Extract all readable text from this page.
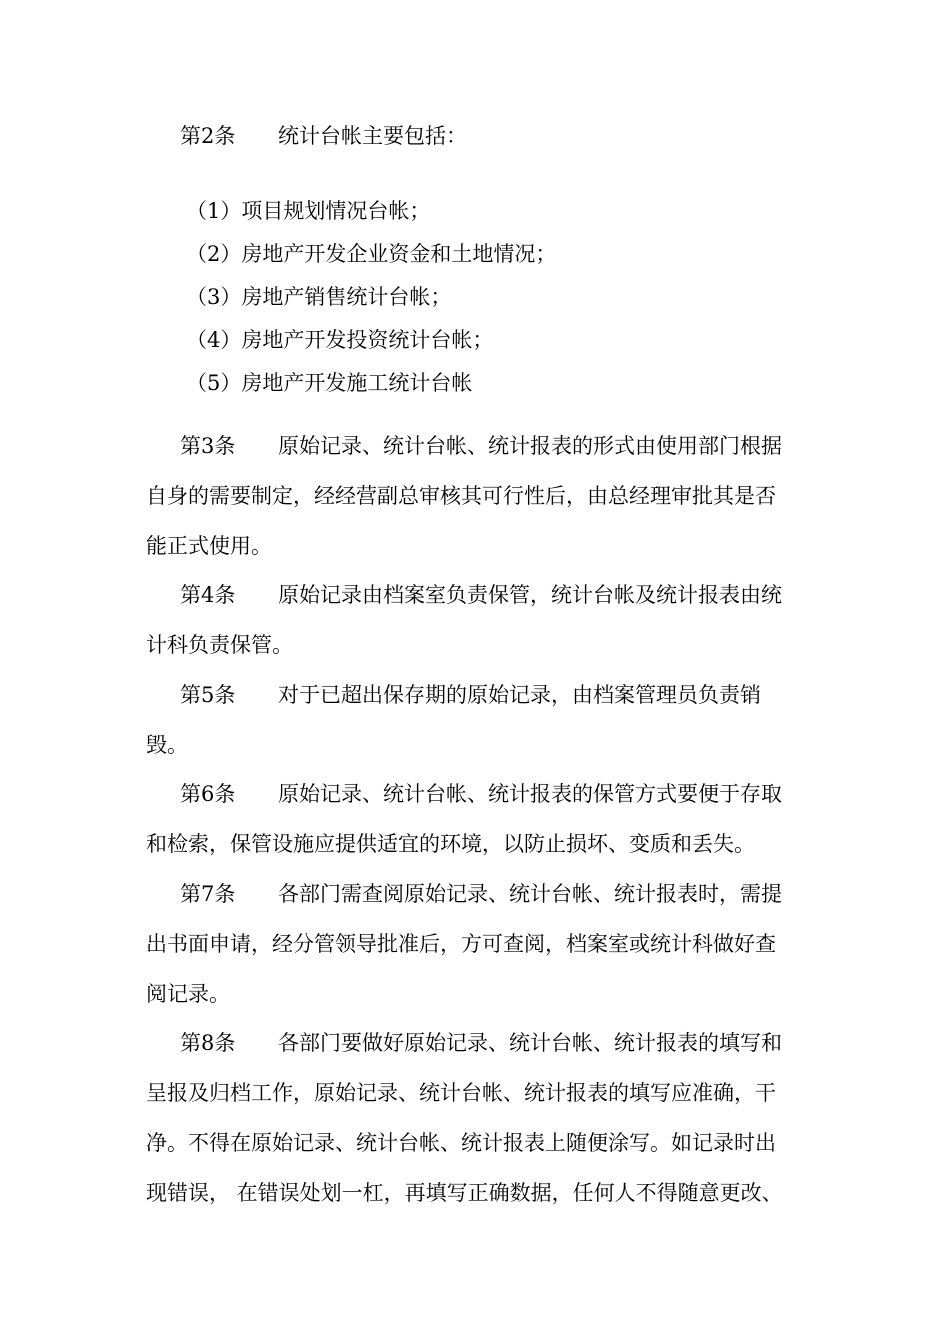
第2条 统计台帐主要包括：
（1）项目规划情况台帐；
（2）房地产开发企业资金和土地情况；
（3）房地产销售统计台帐；
（4）房地产开发投资统计台帐；
（5）房地产开发施工统计台帐
第3条 原始记录、统计台帐、统计报表的形式由使用部门根据
自身的需要制定，经经营副总审核其可行性后，由总经理审批其是否
能正式使用。
第4条 原始记录由档案室负责保管，统计台帐及统计报表由统
计科负责保管。
第5条 对于已超出保存期的原始记录，由档案管理员负责销
毁。
第6条 原始记录、统计台帐、统计报表的保管方式要便于存取
和检索，保管设施应提供适宜的环境，以防止损坏、变质和丢失。
第7条 各部门需查阅原始记录、统计台帐、统计报表时，需提
出书面申请，经分管领导批准后，方可查阅，档案室或统计科做好查
阅记录。
第8条 各部门要做好原始记录、统计台帐、统计报表的填写和
呈报及归档工作，原始记录、统计台帐、统计报表的填写应准确，干
净。不得在原始记录、统计台帐、统计报表上随便涂写。如记录时出
现错误， 在错误处划一杠，再填写正确数据，任何人不得随意更改、
